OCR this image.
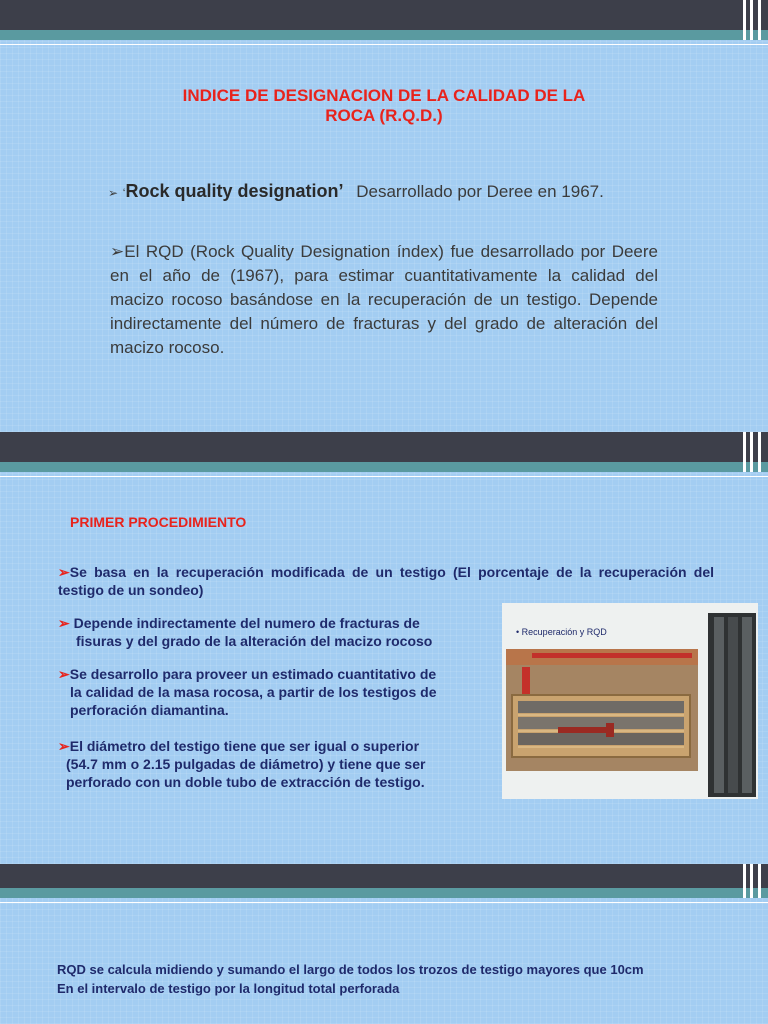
INDICE DE DESIGNACION DE LA CALIDAD DE LA
ROCA (R.Q.D.)
➢ ‘Rock quality designation’ Desarrollado por Deree en 1967.

➢El RQD (Rock Quality Designation índex) fue desarrollado por Deere en el año de (1967), para estimar cuantitativamente la calidad del macizo rocoso basándose en la recuperación de un testigo. Depende indirectamente del número de fracturas y del grado de alteración del macizo rocoso.

PRIMER PROCEDIMIENTO

➢Se basa en la recuperación modificada de un testigo (El porcentaje de la recuperación del testigo de un sondeo)

➢ Depende indirectamente del numero de fracturas de
fisuras y del grado de la alteración del macizo rocoso
➢Se desarrollo para proveer un estimado cuantitativo de
la calidad de la masa rocosa, a partir de los testigos de
perforación diamantina.
➢El diámetro del testigo tiene que ser igual o superior
(54.7 mm o 2.15 pulgadas de diámetro) y tiene que ser
perforado con un doble tubo de extracción de testigo.
• Recuperación y RQD
RQD se calcula midiendo y sumando el largo de todos los trozos de testigo mayores que 10cm
En el intervalo de testigo por la longitud total perforada
